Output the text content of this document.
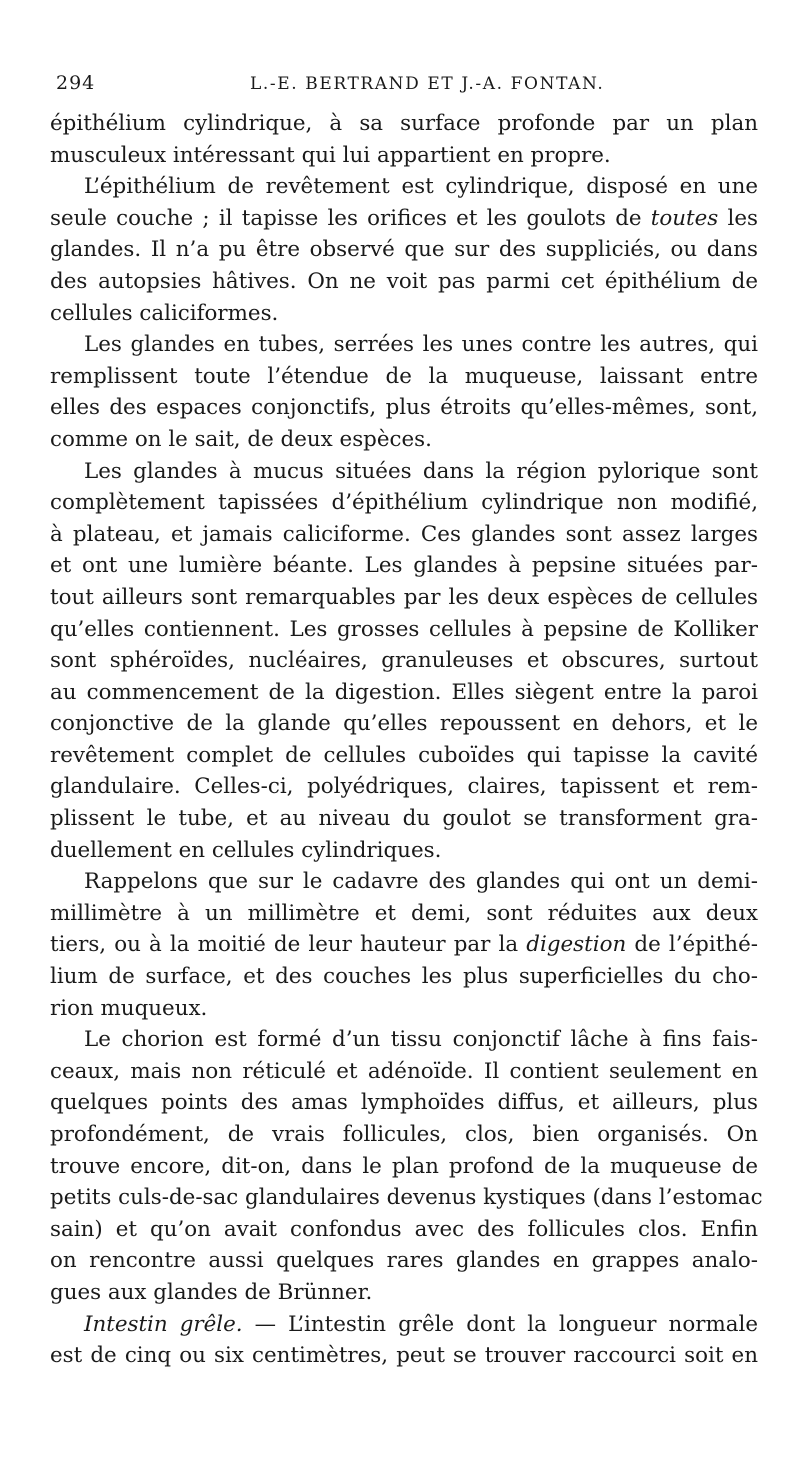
294	L.-E. BERTRAND ET J.-A. FONTAN.
épithélium cylindrique, à sa surface profonde par un plan
musculeux intéressant qui lui appartient en propre.
L’épithélium de revêtement est cylindrique, disposé en une
seule couche ; il tapisse les orifices et les goulots de toutes les
glandes. Il n’a pu être observé que sur des suppliciés, ou dans
des autopsies hâtives. On ne voit pas parmi cet épithélium de
cellules caliciformes.
Les glandes en tubes, serrées les unes contre les autres, qui
remplissent toute l’étendue de la muqueuse, laissant entre
elles des espaces conjonctifs, plus étroits qu’elles-mêmes, sont,
comme on le sait, de deux espèces.
Les glandes à mucus situées dans la région pylorique sont
complètement tapissées d’épithélium cylindrique non modifié,
à plateau, et jamais caliciforme. Ces glandes sont assez larges
et ont une lumière béante. Les glandes à pepsine situées par-
tout ailleurs sont remarquables par les deux espèces de cellules
qu’elles contiennent. Les grosses cellules à pepsine de Kolliker
sont sphéroïdes, nucléaires, granuleuses et obscures, surtout
au commencement de la digestion. Elles siègent entre la paroi
conjonctive de la glande qu’elles repoussent en dehors, et le
revêtement complet de cellules cuboïdes qui tapisse la cavité
glandulaire. Celles-ci, polyédriques, claires, tapissent et rem-
plissent le tube, et au niveau du goulot se transforment gra-
duellement en cellules cylindriques.
Rappelons que sur le cadavre des glandes qui ont un demi-
millimètre à un millimètre et demi, sont réduites aux deux
tiers, ou à la moitié de leur hauteur par la digestion de l’épithé-
lium de surface, et des couches les plus superficielles du cho-
rion muqueux.
Le chorion est formé d’un tissu conjonctif lâche à fins fais-
ceaux, mais non réticulé et adénoïde. Il contient seulement en
quelques points des amas lymphoïdes diffus, et ailleurs, plus
profondément, de vrais follicules, clos, bien organisés. On
trouve encore, dit-on, dans le plan profond de la muqueuse de
petits culs-de-sac glandulaires devenus kystiques (dans l’estomac
sain) et qu’on avait confondus avec des follicules clos. Enfin
on rencontre aussi quelques rares glandes en grappes analo-
gues aux glandes de Brünner.
Intestin grêle. — L’intestin grêle dont la longueur normale
est de cinq ou six centimètres, peut se trouver raccourci soit en
